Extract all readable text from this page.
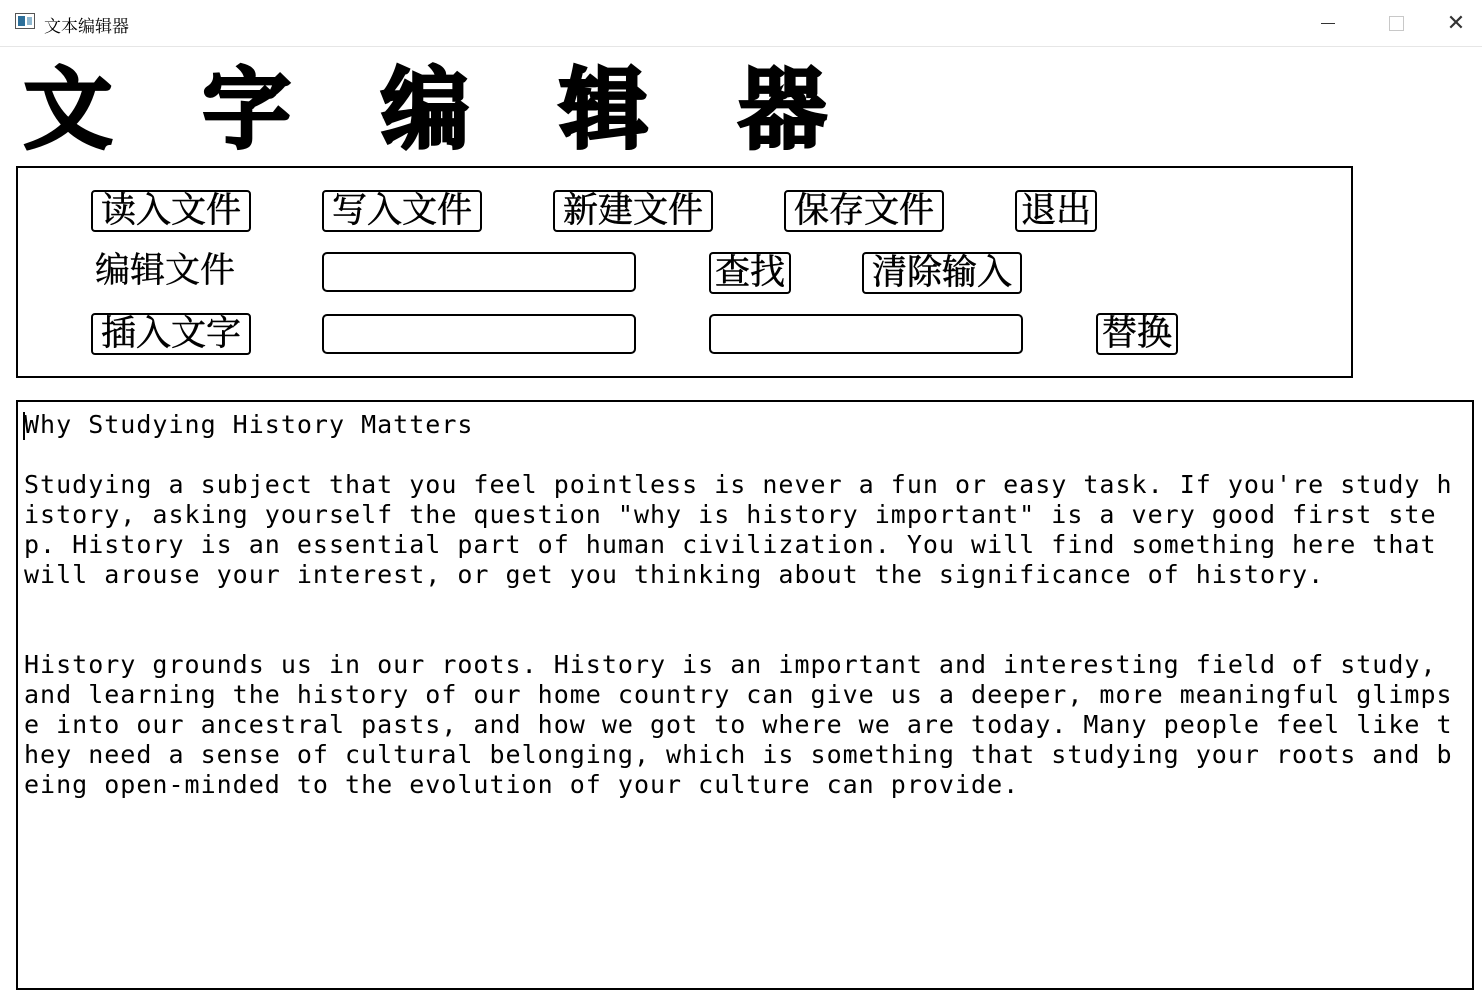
文本编辑器	✕
文 字 编 辑 器
读入文件	写入文件	新建文件	保存文件 退出
编辑文件	查找 清除输入
插入文字	替换
Why Studying History Matters

Studying a subject that you feel pointless is never a fun or easy task. If you're study history, asking yourself the question "why is history important" is a very good first step. History is an essential part of human civilization. You will find something here that will arouse your interest, or get you thinking about the significance of history.

History grounds us in our roots. History is an important and interesting field of study, and learning the history of our home country can give us a deeper, more meaningful glimpse into our ancestral pasts, and how we got to where we are today. Many people feel like they need a sense of cultural belonging, which is something that studying your roots and being open-minded to the evolution of your culture can provide.
